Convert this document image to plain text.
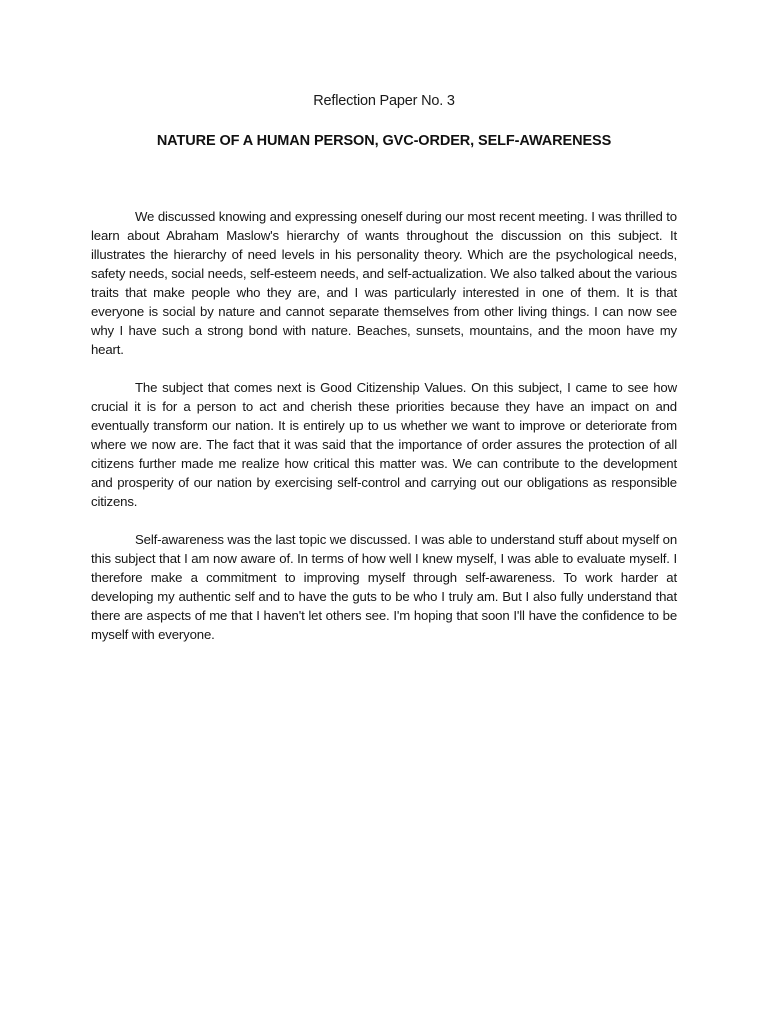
Reflection Paper No. 3
NATURE OF A HUMAN PERSON, GVC-ORDER, SELF-AWARENESS

We discussed knowing and expressing oneself during our most recent meeting. I was thrilled to learn about Abraham Maslow's hierarchy of wants throughout the discussion on this subject. It illustrates the hierarchy of need levels in his personality theory. Which are the psychological needs, safety needs, social needs, self-esteem needs, and self-actualization. We also talked about the various traits that make people who they are, and I was particularly interested in one of them. It is that everyone is social by nature and cannot separate themselves from other living things. I can now see why I have such a strong bond with nature. Beaches, sunsets, mountains, and the moon have my heart.

The subject that comes next is Good Citizenship Values. On this subject, I came to see how crucial it is for a person to act and cherish these priorities because they have an impact on and eventually transform our nation. It is entirely up to us whether we want to improve or deteriorate from where we now are. The fact that it was said that the importance of order assures the protection of all citizens further made me realize how critical this matter was. We can contribute to the development and prosperity of our nation by exercising self-control and carrying out our obligations as responsible citizens.

Self-awareness was the last topic we discussed. I was able to understand stuff about myself on this subject that I am now aware of. In terms of how well I knew myself, I was able to evaluate myself. I therefore make a commitment to improving myself through self-awareness. To work harder at developing my authentic self and to have the guts to be who I truly am. But I also fully understand that there are aspects of me that I haven't let others see. I'm hoping that soon I'll have the confidence to be myself with everyone.
